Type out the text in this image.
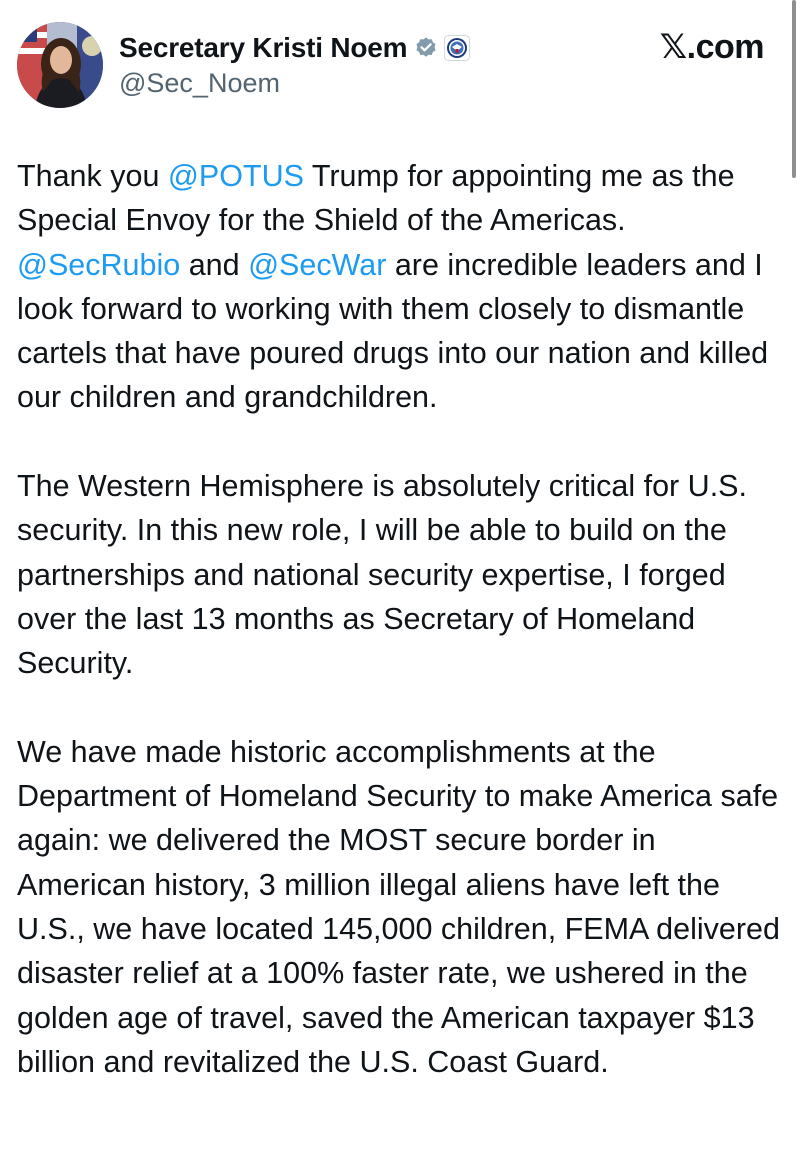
Secretary Kristi Noem
@Sec_Noem
𝕏.com

Thank you @POTUS Trump for appointing me as the Special Envoy for the Shield of the Americas. @SecRubio and @SecWar are incredible leaders and I look forward to working with them closely to dismantle cartels that have poured drugs into our nation and killed our children and grandchildren.

The Western Hemisphere is absolutely critical for U.S. security. In this new role, I will be able to build on the partnerships and national security expertise, I forged over the last 13 months as Secretary of Homeland Security.

We have made historic accomplishments at the Department of Homeland Security to make America safe again: we delivered the MOST secure border in American history, 3 million illegal aliens have left the U.S., we have located 145,000 children, FEMA delivered disaster relief at a 100% faster rate, we ushered in the golden age of travel, saved the American taxpayer $13 billion and revitalized the U.S. Coast Guard.
